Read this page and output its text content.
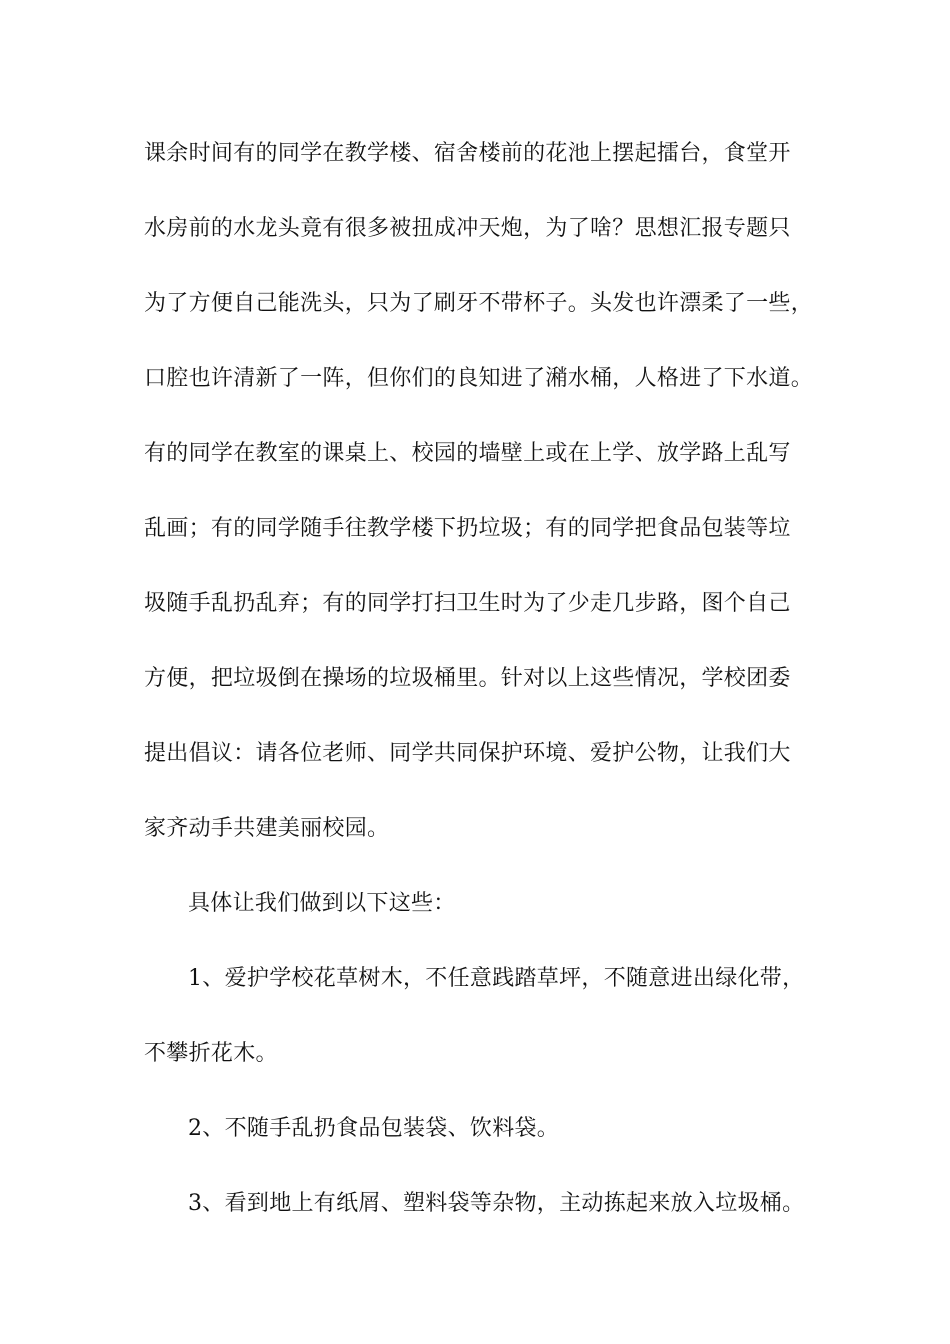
课余时间有的同学在教学楼、宿舍楼前的花池上摆起擂台，食堂开
水房前的水龙头竟有很多被扭成冲天炮，为了啥？思想汇报专题只
为了方便自己能洗头，只为了刷牙不带杯子。头发也许漂柔了一些，
口腔也许清新了一阵，但你们的良知进了潲水桶，人格进了下水道。
有的同学在教室的课桌上、校园的墙壁上或在上学、放学路上乱写
乱画；有的同学随手往教学楼下扔垃圾；有的同学把食品包装等垃
圾随手乱扔乱弃；有的同学打扫卫生时为了少走几步路，图个自己
方便，把垃圾倒在操场的垃圾桶里。针对以上这些情况，学校团委
提出倡议：请各位老师、同学共同保护环境、爱护公物，让我们大
家齐动手共建美丽校园。
具体让我们做到以下这些：
1、爱护学校花草树木，不任意践踏草坪，不随意进出绿化带，
不攀折花木。
2、不随手乱扔食品包装袋、饮料袋。
3、看到地上有纸屑、塑料袋等杂物，主动拣起来放入垃圾桶。
